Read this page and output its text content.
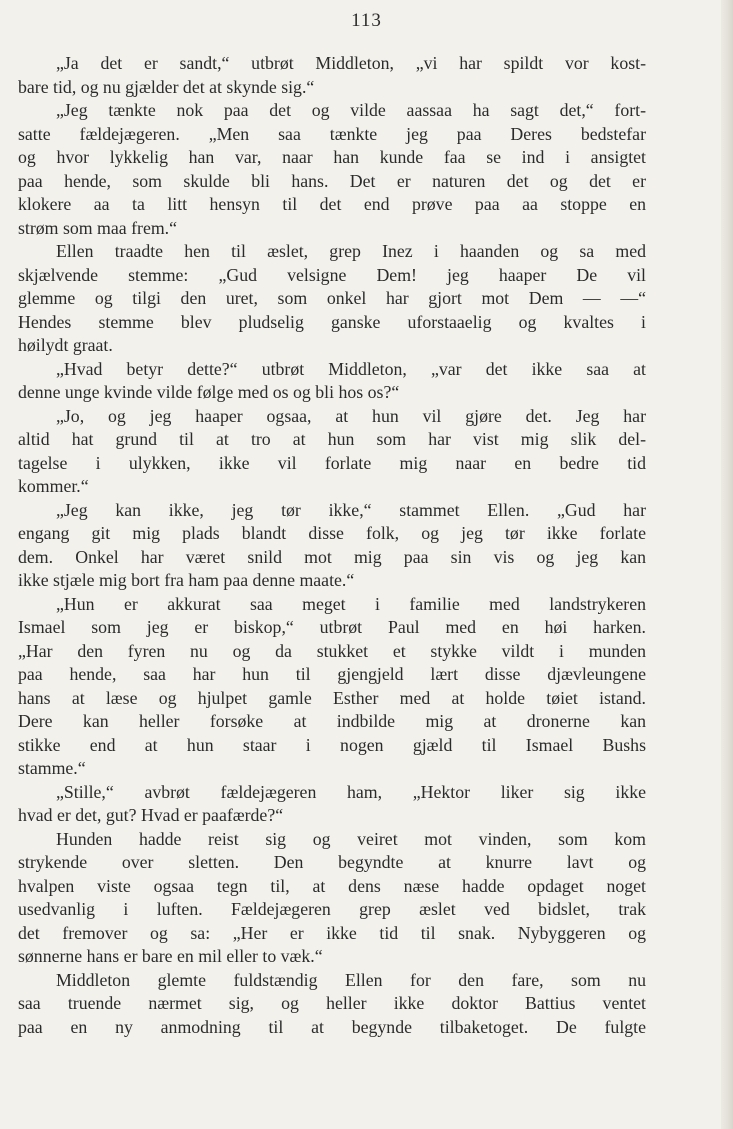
113
„Ja det er sandt,“ utbrøt Middleton, „vi har spildt vor kost-
bare tid, og nu gjælder det at skynde sig.“
„Jeg tænkte nok paa det og vilde aassaa ha sagt det,“ fort-
satte fældejægeren. „Men saa tænkte jeg paa Deres bedstefar
og hvor lykkelig han var, naar han kunde faa se ind i ansigtet
paa hende, som skulde bli hans. Det er naturen det og det er
klokere aa ta litt hensyn til det end prøve paa aa stoppe en
strøm som maa frem.“
Ellen traadte hen til æslet, grep Inez i haanden og sa med
skjælvende stemme: „Gud velsigne Dem! jeg haaper De vil
glemme og tilgi den uret, som onkel har gjort mot Dem — —“
Hendes stemme blev pludselig ganske uforstaaelig og kvaltes i
høilydt graat.
„Hvad betyr dette?“ utbrøt Middleton, „var det ikke saa at
denne unge kvinde vilde følge med os og bli hos os?“
„Jo, og jeg haaper ogsaa, at hun vil gjøre det. Jeg har
altid hat grund til at tro at hun som har vist mig slik del-
tagelse i ulykken, ikke vil forlate mig naar en bedre tid
kommer.“
„Jeg kan ikke, jeg tør ikke,“ stammet Ellen. „Gud har
engang git mig plads blandt disse folk, og jeg tør ikke forlate
dem. Onkel har været snild mot mig paa sin vis og jeg kan
ikke stjæle mig bort fra ham paa denne maate.“
„Hun er akkurat saa meget i familie med landstrykeren
Ismael som jeg er biskop,“ utbrøt Paul med en høi harken.
„Har den fyren nu og da stukket et stykke vildt i munden
paa hende, saa har hun til gjengjeld lært disse djævleungene
hans at læse og hjulpet gamle Esther med at holde tøiet istand.
Dere kan heller forsøke at indbilde mig at dronerne kan
stikke end at hun staar i nogen gjæld til Ismael Bushs
stamme.“
„Stille,“ avbrøt fældejægeren ham, „Hektor liker sig ikke
hvad er det, gut? Hvad er paafærde?“
Hunden hadde reist sig og veiret mot vinden, som kom
strykende over sletten. Den begyndte at knurre lavt og
hvalpen viste ogsaa tegn til, at dens næse hadde opdaget noget
usedvanlig i luften. Fældejægeren grep æslet ved bidslet, trak
det fremover og sa: „Her er ikke tid til snak. Nybyggeren og
sønnerne hans er bare en mil eller to væk.“
Middleton glemte fuldstændig Ellen for den fare, som nu
saa truende nærmet sig, og heller ikke doktor Battius ventet
paa en ny anmodning til at begynde tilbaketoget. De fulgte
